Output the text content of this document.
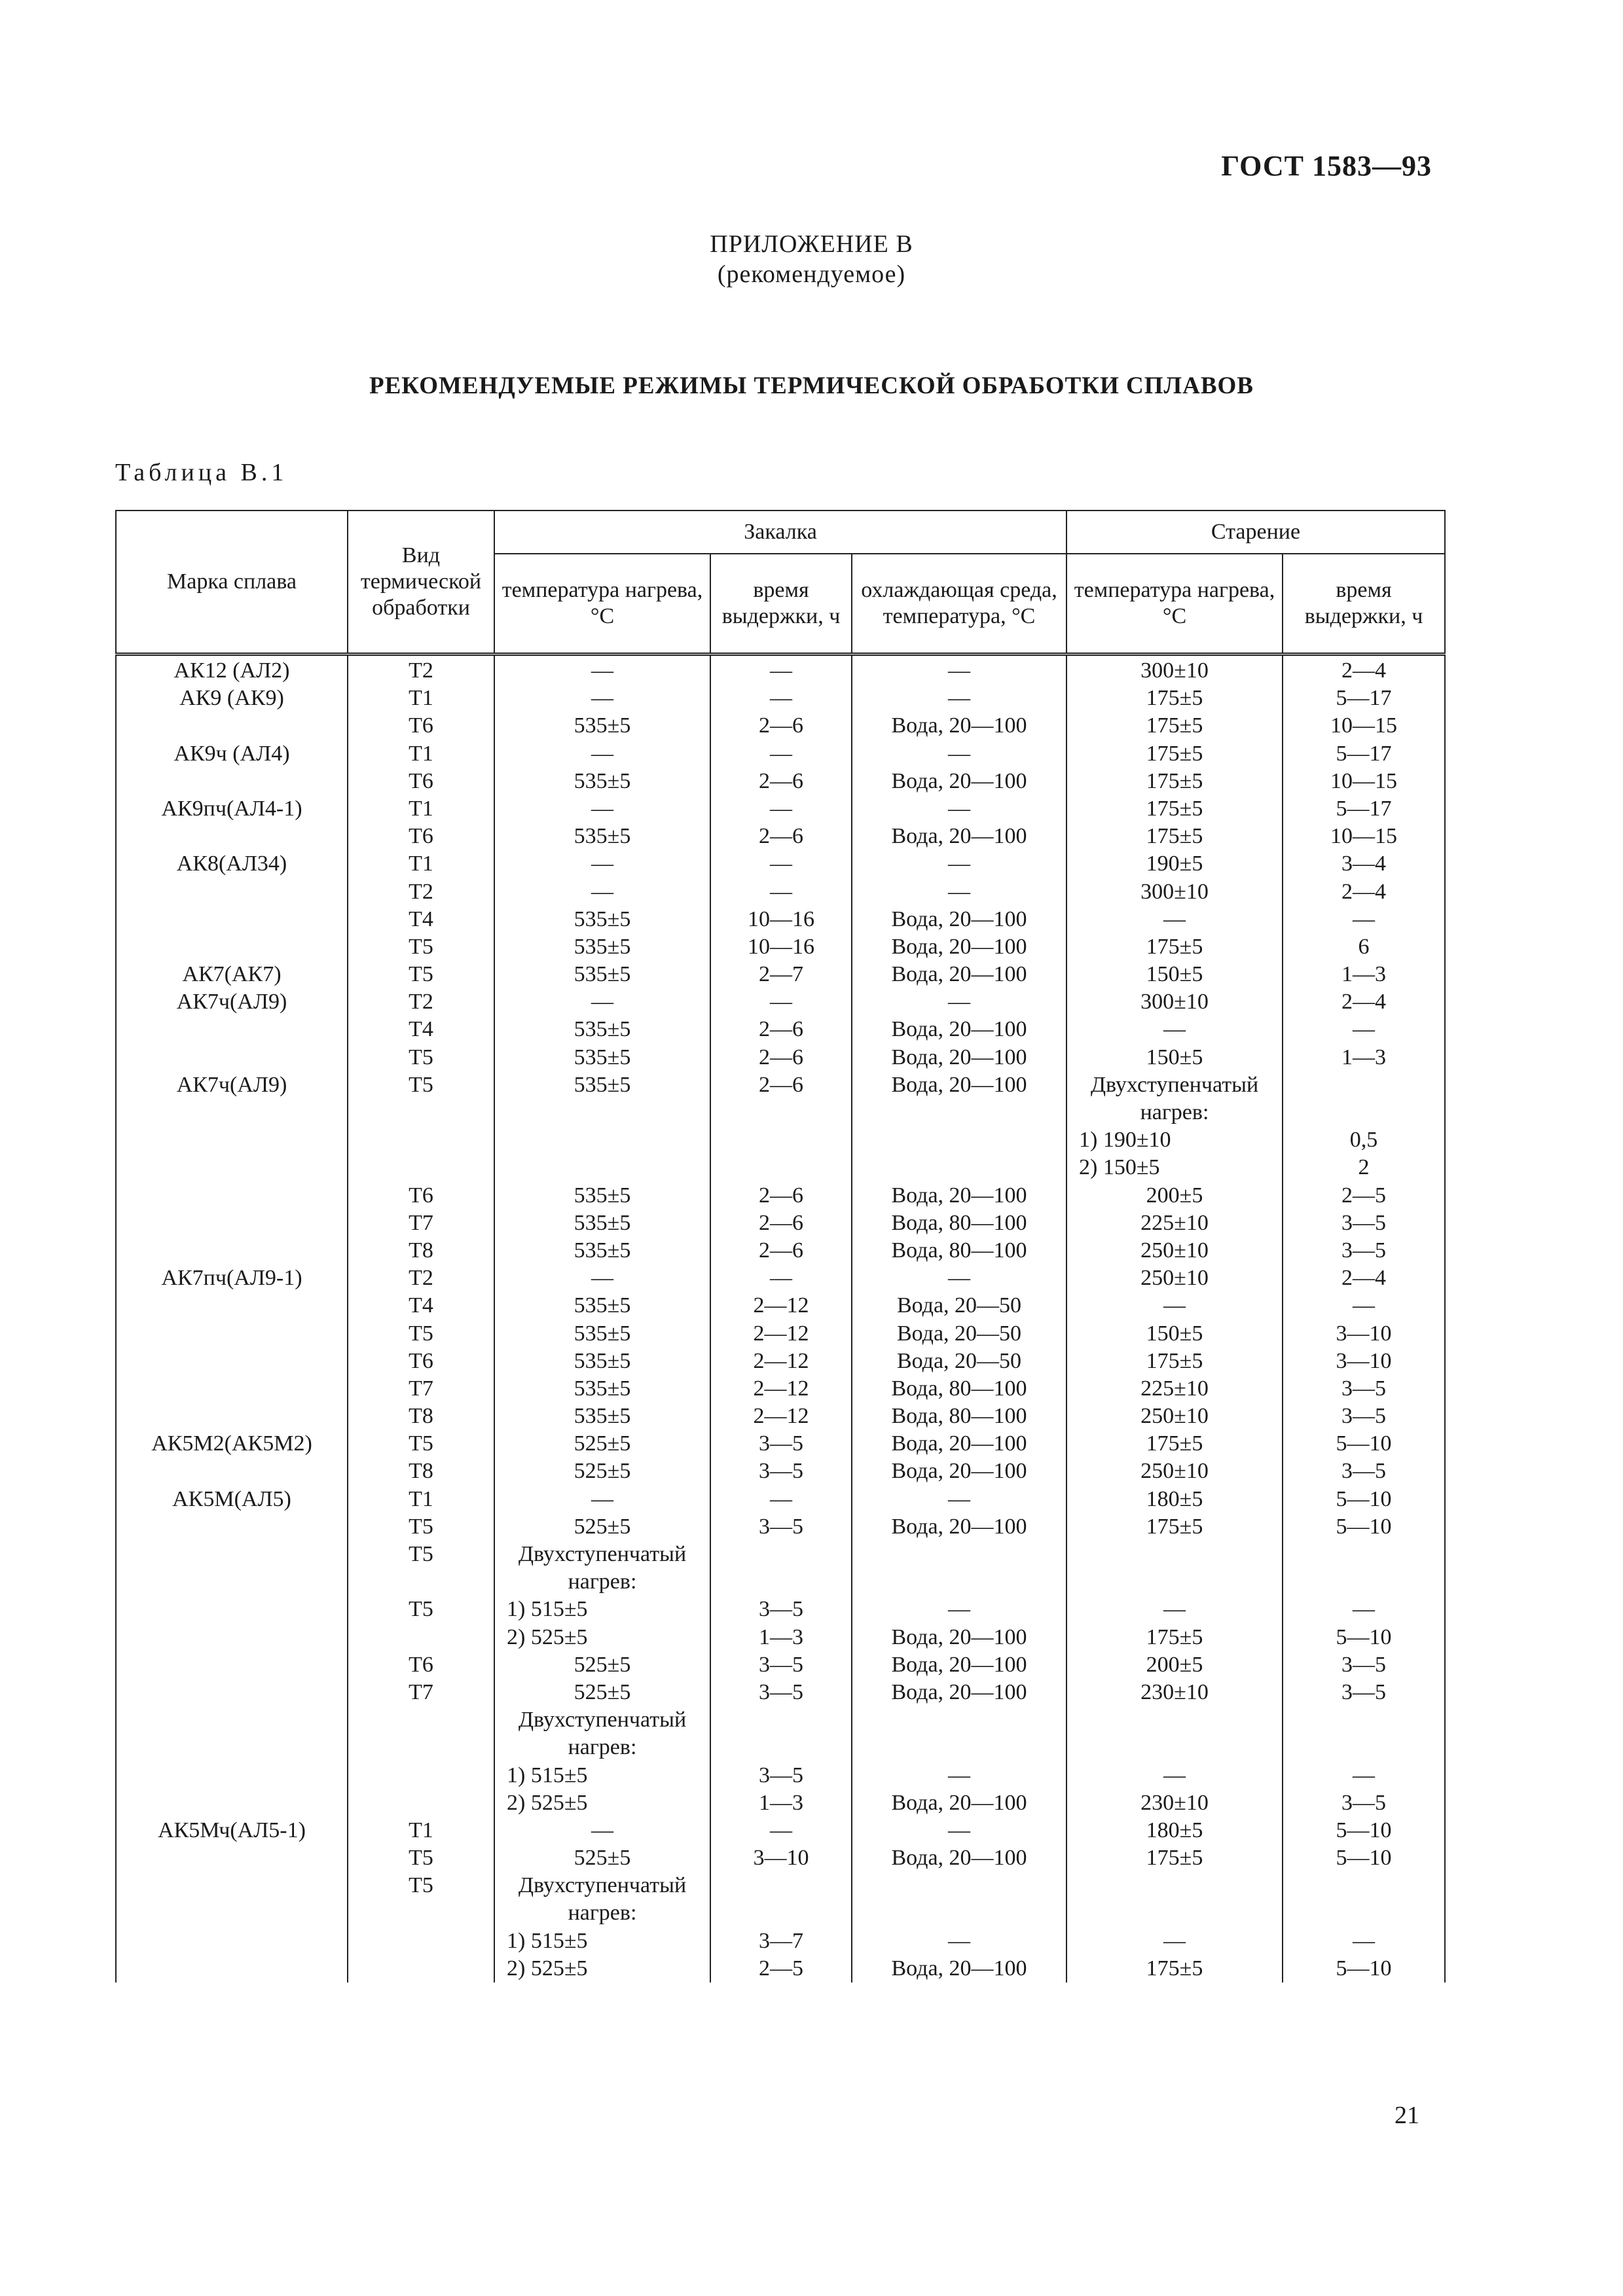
ГОСТ 1583—93
ПРИЛОЖЕНИЕ В
(рекомендуемое)
РЕКОМЕНДУЕМЫЕ РЕЖИМЫ ТЕРМИЧЕСКОЙ ОБРАБОТКИ СПЛАВОВ
Таблица В.1
Марка сплава	Вид термической обработки	Закалка			Старение	
		температура нагрева, °С	время выдержки, ч	охлаждающая среда, температура, °С	температура нагрева, °С	время выдержки, ч
АК12 (АЛ2)	Т2	—	—	—	300±10	2—4
АК9 (АК9)	Т1	—	—	—	175±5	5—17
	Т6	535±5	2—6	Вода, 20—100	175±5	10—15
АК9ч (АЛ4)	Т1	—	—	—	175±5	5—17
	Т6	535±5	2—6	Вода, 20—100	175±5	10—15
АК9пч(АЛ4-1)	Т1	—	—	—	175±5	5—17
	Т6	535±5	2—6	Вода, 20—100	175±5	10—15
АК8(АЛ34)	Т1	—	—	—	190±5	3—4
	Т2	—	—	—	300±10	2—4
	Т4	535±5	10—16	Вода, 20—100	—	—
	Т5	535±5	10—16	Вода, 20—100	175±5	6
АК7(АК7)	Т5	535±5	2—7	Вода, 20—100	150±5	1—3
АК7ч(АЛ9)	Т2	—	—	—	300±10	2—4
	Т4	535±5	2—6	Вода, 20—100	—	—
	Т5	535±5	2—6	Вода, 20—100	150±5	1—3
АК7ч(АЛ9)	Т5	535±5	2—6	Вода, 20—100	Двухступенчатый	
					нагрев:	
					1) 190±10	0,5
					2) 150±5	2
	Т6	535±5	2—6	Вода, 20—100	200±5	2—5
	Т7	535±5	2—6	Вода, 80—100	225±10	3—5
	Т8	535±5	2—6	Вода, 80—100	250±10	3—5
АК7пч(АЛ9-1)	Т2	—	—	—	250±10	2—4
	Т4	535±5	2—12	Вода, 20—50	—	—
	Т5	535±5	2—12	Вода, 20—50	150±5	3—10
	Т6	535±5	2—12	Вода, 20—50	175±5	3—10
	Т7	535±5	2—12	Вода, 80—100	225±10	3—5
	Т8	535±5	2—12	Вода, 80—100	250±10	3—5
АК5М2(АК5М2)	Т5	525±5	3—5	Вода, 20—100	175±5	5—10
	Т8	525±5	3—5	Вода, 20—100	250±10	3—5
АК5М(АЛ5)	Т1	—	—	—	180±5	5—10
	Т5	525±5	3—5	Вода, 20—100	175±5	5—10
	Т5	Двухступенчатый				
		нагрев:				
	Т5	1) 515±5	3—5	—	—	—
		2) 525±5	1—3	Вода, 20—100	175±5	5—10
	Т6	525±5	3—5	Вода, 20—100	200±5	3—5
	Т7	525±5	3—5	Вода, 20—100	230±10	3—5
		Двухступенчатый				
		нагрев:				
		1) 515±5	3—5	—	—	—
		2) 525±5	1—3	Вода, 20—100	230±10	3—5
АК5Мч(АЛ5-1)	Т1	—	—	—	180±5	5—10
	Т5	525±5	3—10	Вода, 20—100	175±5	5—10
	Т5	Двухступенчатый				
		нагрев:				
		1) 515±5	3—7	—	—	—
		2) 525±5	2—5	Вода, 20—100	175±5	5—10
21
